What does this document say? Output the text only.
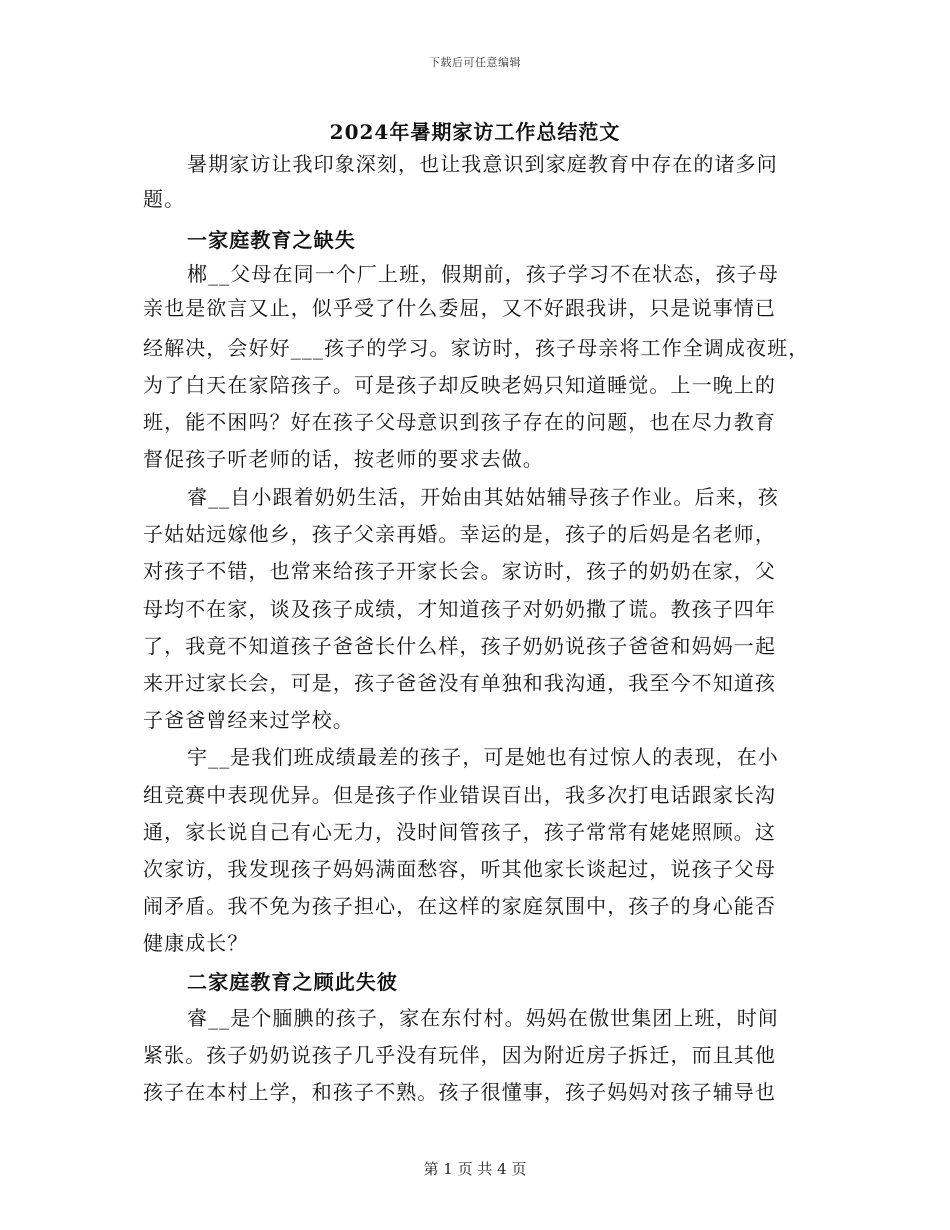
下载后可任意编辑
2024年暑期家访工作总结范文
暑期家访让我印象深刻，也让我意识到家庭教育中存在的诸多问
题。
一家庭教育之缺失
郴__父母在同一个厂上班，假期前，孩子学习不在状态，孩子母
亲也是欲言又止，似乎受了什么委屈，又不好跟我讲，只是说事情已
经解决，会好好___孩子的学习。家访时，孩子母亲将工作全调成夜班，
为了白天在家陪孩子。可是孩子却反映老妈只知道睡觉。上一晚上的
班，能不困吗？好在孩子父母意识到孩子存在的问题，也在尽力教育
督促孩子听老师的话，按老师的要求去做。
睿__自小跟着奶奶生活，开始由其姑姑辅导孩子作业。后来，孩
子姑姑远嫁他乡，孩子父亲再婚。幸运的是，孩子的后妈是名老师，
对孩子不错，也常来给孩子开家长会。家访时，孩子的奶奶在家，父
母均不在家，谈及孩子成绩，才知道孩子对奶奶撒了谎。教孩子四年
了，我竟不知道孩子爸爸长什么样，孩子奶奶说孩子爸爸和妈妈一起
来开过家长会，可是，孩子爸爸没有单独和我沟通，我至今不知道孩
子爸爸曾经来过学校。
宇__是我们班成绩最差的孩子，可是她也有过惊人的表现，在小
组竞赛中表现优异。但是孩子作业错误百出，我多次打电话跟家长沟
通，家长说自己有心无力，没时间管孩子，孩子常常有姥姥照顾。这
次家访，我发现孩子妈妈满面愁容，听其他家长谈起过，说孩子父母
闹矛盾。我不免为孩子担心，在这样的家庭氛围中，孩子的身心能否
健康成长？
二家庭教育之顾此失彼
睿__是个腼腆的孩子，家在东付村。妈妈在傲世集团上班，时间
紧张。孩子奶奶说孩子几乎没有玩伴，因为附近房子拆迁，而且其他
孩子在本村上学，和孩子不熟。孩子很懂事，孩子妈妈对孩子辅导也
第 1 页 共 4 页
